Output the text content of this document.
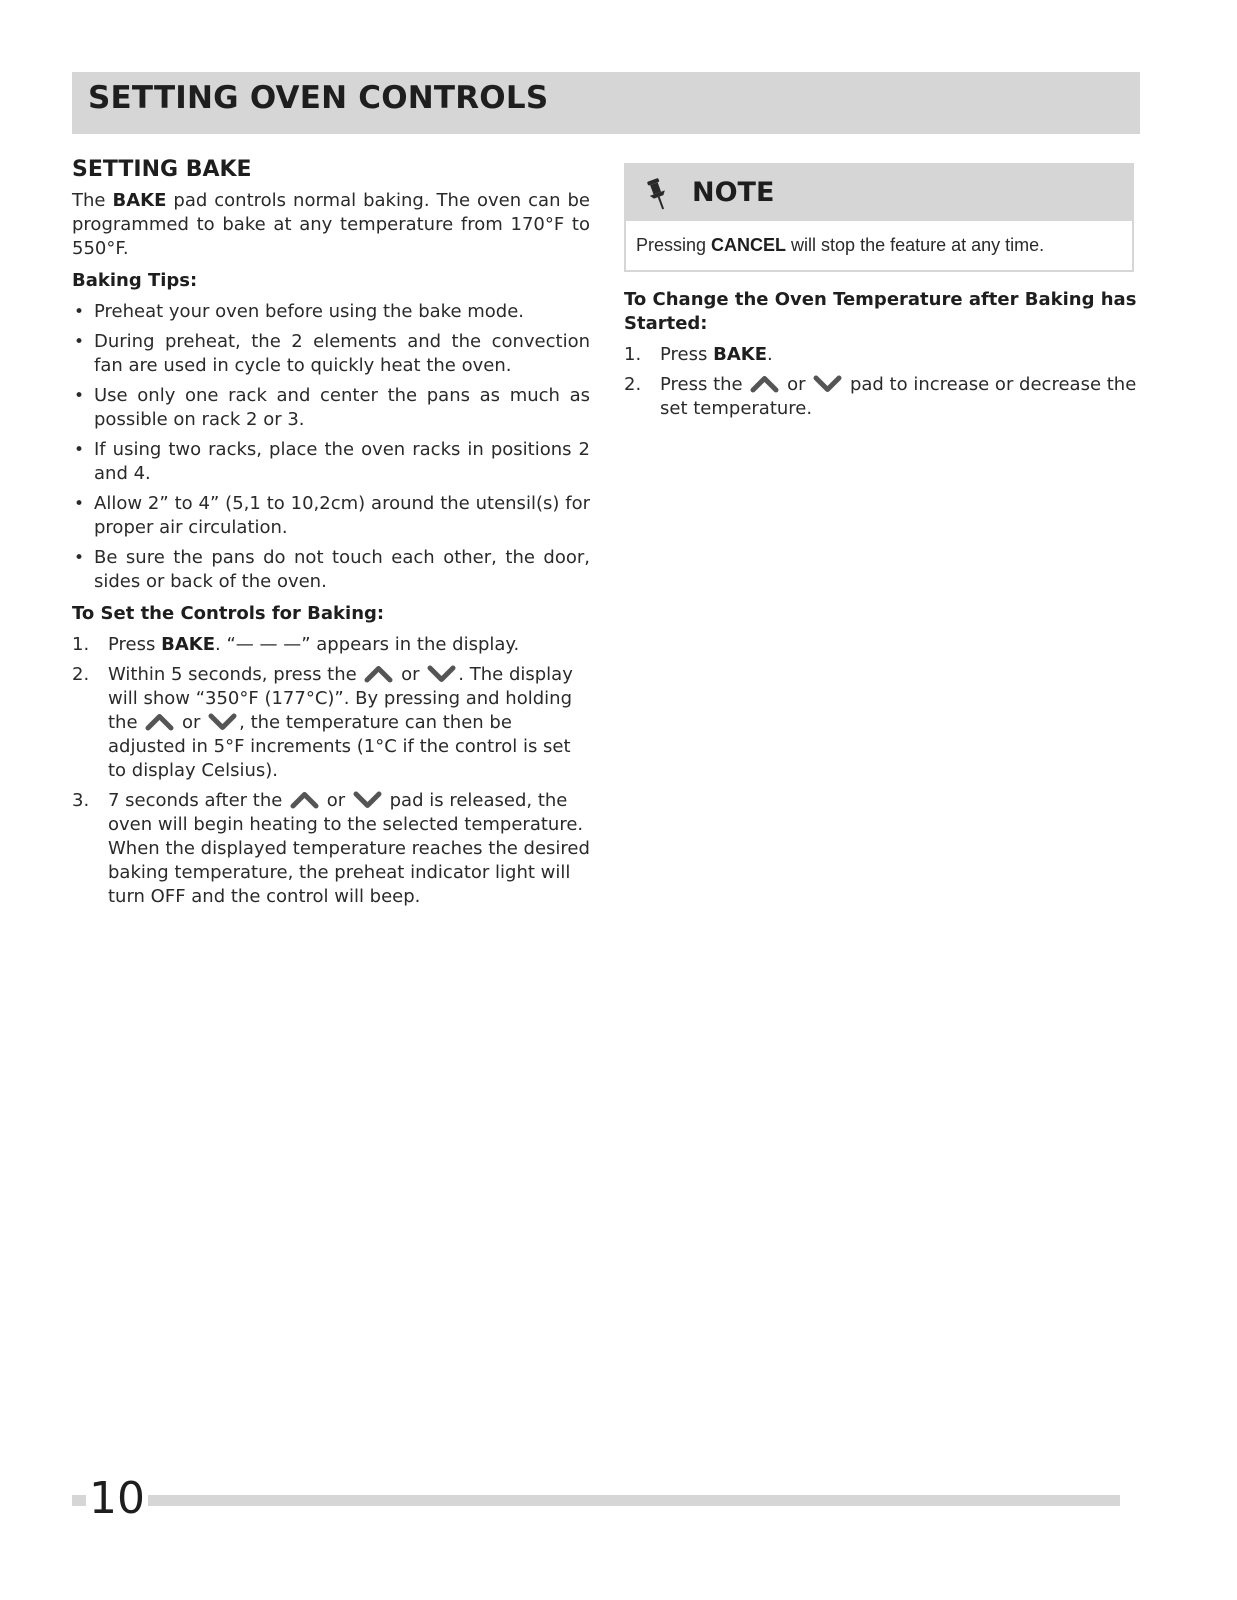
SETTING OVEN CONTROLS
SETTING BAKE

The BAKE pad controls normal baking. The oven can be programmed to bake at any temperature from 170°F to 550°F.

Baking Tips:
• Preheat your oven before using the bake mode.
• During preheat, the 2 elements and the convection fan are used in cycle to quickly heat the oven.
• Use only one rack and center the pans as much as possible on rack 2 or 3.
• If using two racks, place the oven racks in positions 2 and 4.
• Allow 2” to 4” (5,1 to 10,2cm) around the utensil(s) for proper air circulation.
• Be sure the pans do not touch each other, the door, sides or back of the oven.
To Set the Controls for Baking:
1. Press BAKE. “— — —” appears in the display.
2. Within 5 seconds, press the  or . The display will show “350°F (177°C)”. By pressing and holding the  or , the temperature can then be adjusted in 5°F increments (1°C if the control is set to display Celsius).
3. 7 seconds after the  or  pad is released, the oven will begin heating to the selected temperature. When the displayed temperature reaches the desired baking temperature, the preheat indicator light will turn OFF and the control will beep.
NOTE
Pressing CANCEL will stop the feature at any time.
To Change the Oven Temperature after Baking has Started:
1. Press BAKE.
2. Press the  or  pad to increase or decrease the set temperature.
10
